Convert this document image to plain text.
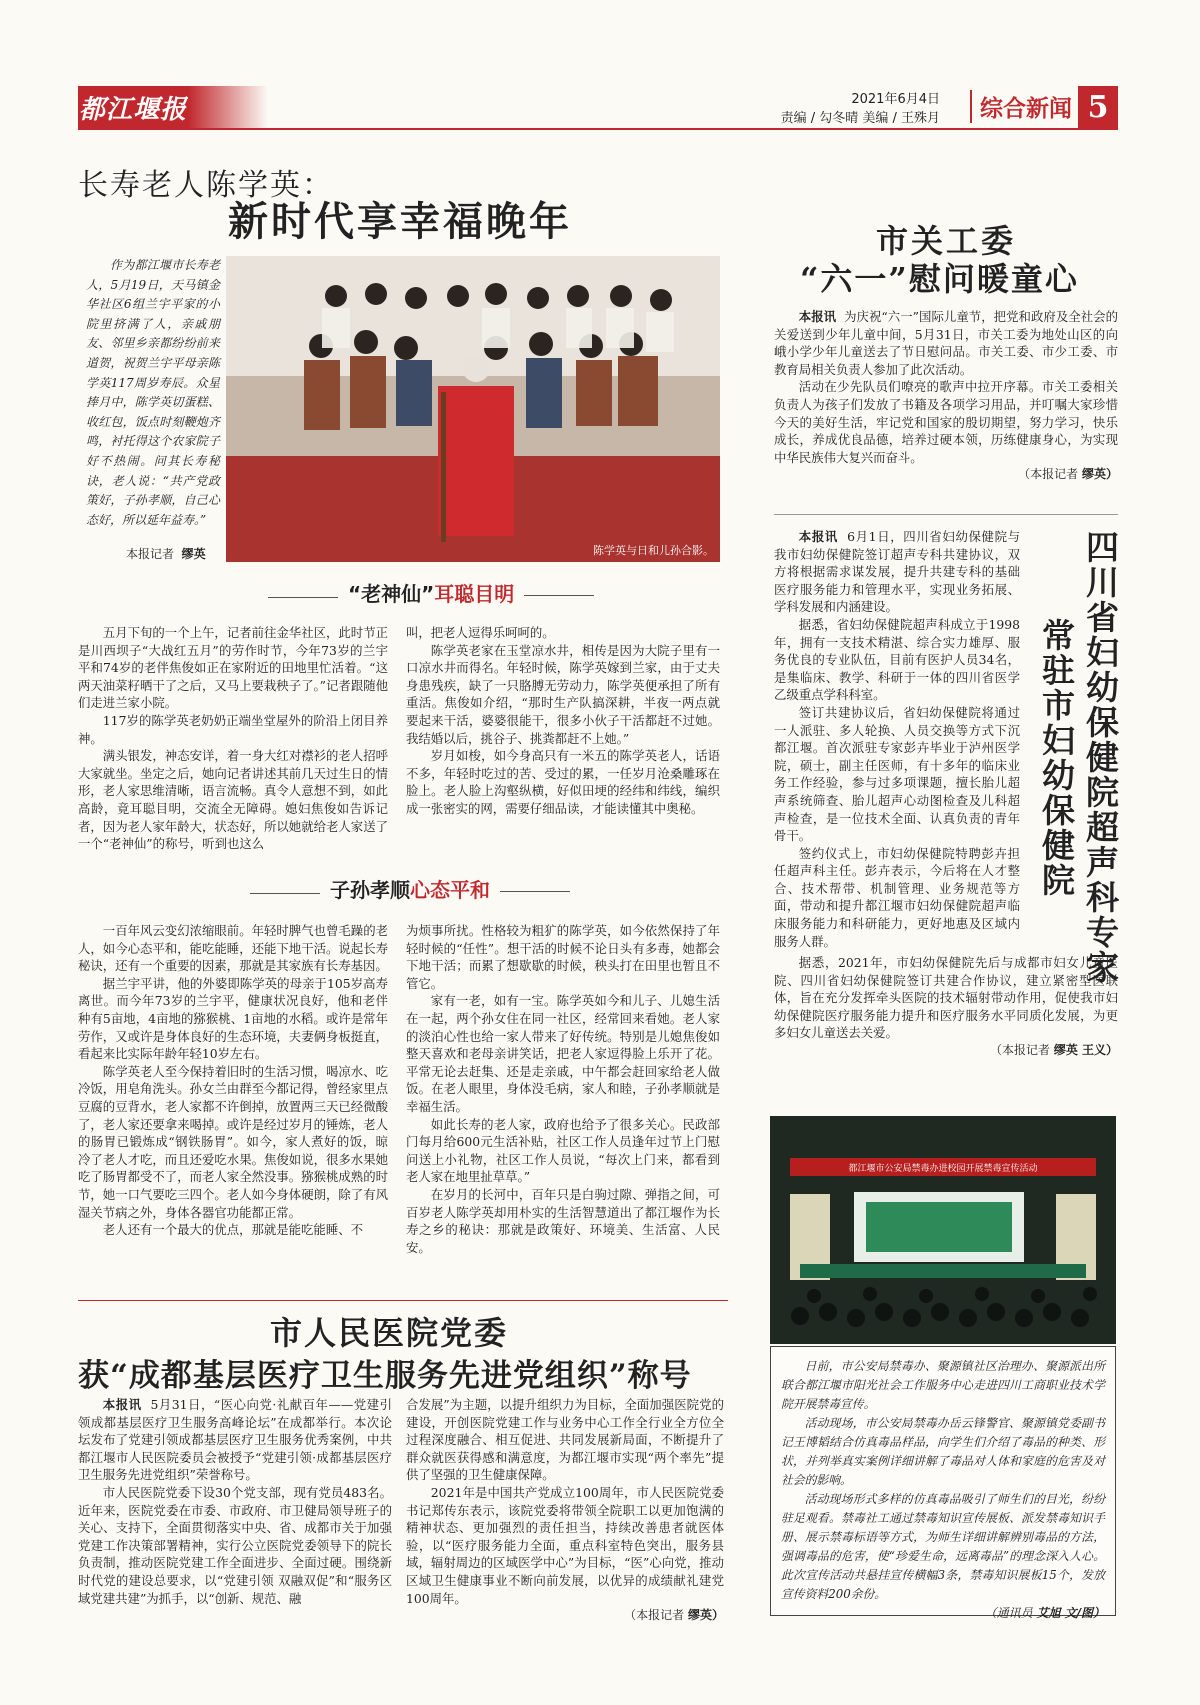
都江堰报	2021年6月4日
责编 / 勾冬晴 美编 / 王殊月	综合新闻 5
长寿老人陈学英：
新时代享幸福晚年

作为都江堰市长寿老人，5月19日，天马镇金华社区6组兰宇平家的小院里挤满了人，亲戚朋友、邻里乡亲都纷纷前来道贺，祝贺兰宇平母亲陈学英117周岁寿辰。众星捧月中，陈学英切蛋糕、收红包，饭点时刻鞭炮齐鸣，衬托得这个农家院子好不热闹。问其长寿秘诀，老人说：“共产党政策好，子孙孝顺，自己心态好，所以延年益寿。”

本报记者 缪英	陈学英与日和儿孙合影。
“老神仙” 耳聪目明

五月下旬的一个上午，记者前往金华社区，此时节正是川西坝子“大战红五月”的劳作时节，今年73岁的兰宇平和74岁的老伴焦俊如正在家附近的田地里忙活着。“这两天油菜籽晒干了之后，又马上要栽秧子了。”记者跟随他们走进兰家小院。

117岁的陈学英老奶奶正端坐堂屋外的阶沿上闭目养神。

满头银发，神态安详，着一身大红对襟衫的老人招呼大家就坐。坐定之后，她向记者讲述其前几天过生日的情形，老人家思维清晰，语言流畅。真令人意想不到，如此高龄，竟耳聪目明，交流全无障碍。媳妇焦俊如告诉记者，因为老人家年龄大，状态好，所以她就给老人家送了一个“老神仙”的称号，听到也这么

叫，把老人逗得乐呵呵的。

陈学英老家在玉堂凉水井，相传是因为大院子里有一口凉水井而得名。年轻时候，陈学英嫁到兰家，由于丈夫身患残疾，缺了一只胳膊无劳动力，陈学英便承担了所有重活。焦俊如介绍，“那时生产队搞深耕，半夜一两点就要起来干活，婆婆很能干，很多小伙子干活都赶不过她。我结婚以后，挑谷子、挑粪都赶不上她。”

岁月如梭，如今身高只有一米五的陈学英老人，话语不多，年轻时吃过的苦、受过的累，一任岁月沧桑雕琢在脸上。老人脸上沟壑纵横，好似田埂的经纬和纬线，编织成一张密实的网，需要仔细品读，才能读懂其中奥秘。

子孙孝顺 心态平和

一百年风云变幻浓缩眼前。年轻时脾气也曾毛躁的老人，如今心态平和，能吃能睡，还能下地干活。说起长寿秘诀，还有一个重要的因素，那就是其家族有长寿基因。

据兰宇平讲，他的外婆即陈学英的母亲于105岁高寿离世。而今年73岁的兰宇平，健康状况良好，他和老伴种有5亩地，4亩地的猕猴桃、1亩地的水稻。或许是常年劳作，又或许是身体良好的生态环境，夫妻俩身板挺直，看起来比实际年龄年轻10岁左右。

陈学英老人至今保持着旧时的生活习惯，喝凉水、吃冷饭，用皂角洗头。孙女兰由群至今都记得，曾经家里点豆腐的豆背水，老人家都不许倒掉，放置两三天已经微酸了，老人家还要拿来喝掉。或许是经过岁月的锤炼，老人的肠胃已锻炼成“钢铁肠胃”。如今，家人煮好的饭，晾冷了老人才吃，而且还爱吃水果。焦俊如说，很多水果她吃了肠胃都受不了，而老人家全然没事。猕猴桃成熟的时节，她一口气要吃三四个。老人如今身体硬朗，除了有风湿关节病之外，身体各器官功能都正常。

老人还有一个最大的优点，那就是能吃能睡、不

为烦事所扰。性格较为粗犷的陈学英，如今依然保持了年轻时候的“任性”。想干活的时候不论日头有多毒，她都会下地干活；而累了想歇歇的时候，秧头打在田里也暂且不管它。

家有一老，如有一宝。陈学英如今和儿子、儿媳生活在一起，两个孙女住在同一社区，经常回来看她。老人家的淡泊心性也给一家人带来了好传统。特别是儿媳焦俊如整天喜欢和老母亲讲笑话，把老人家逗得脸上乐开了花。平常无论去赶集、还是走亲戚，中午都会赶回家给老人做饭。在老人眼里，身体没毛病，家人和睦，子孙孝顺就是幸福生活。

如此长寿的老人家，政府也给予了很多关心。民政部门每月给600元生活补贴，社区工作人员逢年过节上门慰问送上小礼物，社区工作人员说，“每次上门来，都看到老人家在地里扯草草。”

在岁月的长河中，百年只是白驹过隙、弹指之间，可百岁老人陈学英却用朴实的生活智慧道出了都江堰作为长寿之乡的秘诀：那就是政策好、环境美、生活富、人民安。

市关工委
“六一”慰问暖童心

本报讯 为庆祝“六一”国际儿童节，把党和政府及全社会的关爱送到少年儿童中间，5月31日，市关工委为地处山区的向峨小学少年儿童送去了节日慰问品。市关工委、市少工委、市教育局相关负责人参加了此次活动。

活动在少先队员们嘹亮的歌声中拉开序幕。市关工委相关负责人为孩子们发放了书籍及各项学习用品，并叮嘱大家珍惜今天的美好生活，牢记党和国家的殷切期望，努力学习，快乐成长，养成优良品德，培养过硬本领，历练健康身心，为实现中华民族伟大复兴而奋斗。

（本报记者 缪英）

本报讯 6月1日，四川省妇幼保健院与我市妇幼保健院签订超声专科共建协议，双方将根据需求谋发展，提升共建专科的基础医疗服务能力和管理水平，实现业务拓展、学科发展和内涵建设。

据悉，省妇幼保健院超声科成立于1998年，拥有一支技术精湛、综合实力雄厚、服务优良的专业队伍，目前有医护人员34名，是集临床、教学、科研于一体的四川省医学乙级重点学科科室。

签订共建协议后，省妇幼保健院将通过一人派驻、多人轮换、人员交换等方式下沉都江堰。首次派驻专家彭卉毕业于泸州医学院，硕士，副主任医师，有十多年的临床业务工作经验，参与过多项课题，擅长胎儿超声系统筛查、胎儿超声心动图检查及儿科超声检查，是一位技术全面、认真负责的青年骨干。

签约仪式上，市妇幼保健院特聘彭卉担任超声科主任。彭卉表示，今后将在人才整合、技术帮带、机制管理、业务规范等方面，带动和提升都江堰市妇幼保健院超声临床服务能力和科研能力，更好地惠及区域内服务人群。	四川省妇幼保健院超声科专家
常驻市妇幼保健院

据悉，2021年，市妇幼保健院先后与成都市妇女儿童医院、四川省妇幼保健院签订共建合作协议，建立紧密型医联体，旨在充分发挥牵头医院的技术辐射带动作用，促使我市妇幼保健院医疗服务能力提升和医疗服务水平同质化发展，为更多妇女儿童送去关爱。

（本报记者 缪英 王义）
都江堰市公安局禁毒办进校园开展禁毒宣传活动

日前，市公安局禁毒办、聚源镇社区治理办、聚源派出所联合都江堰市阳光社会工作服务中心走进四川工商职业技术学院开展禁毒宣传。

活动现场，市公安局禁毒办岳云锋警官、聚源镇党委副书记王博韬结合仿真毒品样品，向学生们介绍了毒品的种类、形状，并列举真实案例详细讲解了毒品对人体和家庭的危害及对社会的影响。

活动现场形式多样的仿真毒品吸引了师生们的目光，纷纷驻足观看。禁毒社工通过禁毒知识宣传展板、派发禁毒知识手册、展示禁毒标语等方式，为师生详细讲解辨别毒品的方法，强调毒品的危害，使“珍爱生命，远离毒品”的理念深入人心。此次宣传活动共悬挂宣传横幅3条，禁毒知识展板15个，发放宣传资料200余份。

（通讯员 艾旭 文/图）
市人民医院党委
获“成都基层医疗卫生服务先进党组织”称号

本报讯 5月31日，“医心向党·礼献百年——党建引领成都基层医疗卫生服务高峰论坛”在成都举行。本次论坛发布了党建引领成都基层医疗卫生服务优秀案例，中共都江堰市人民医院委员会被授予“党建引领·成都基层医疗卫生服务先进党组织”荣誉称号。

市人民医院党委下设30个党支部，现有党员483名。近年来，医院党委在市委、市政府、市卫健局领导班子的关心、支持下，全面贯彻落实中央、省、成都市关于加强党建工作决策部署精神，实行公立医院党委领导下的院长负责制，推动医院党建工作全面进步、全面过硬。围绕新时代党的建设总要求，以“党建引领 双融双促”和“服务区域党建共建”为抓手，以“创新、规范、融

合发展”为主题，以提升组织力为目标，全面加强医院党的建设，开创医院党建工作与业务中心工作全行业全方位全过程深度融合、相互促进、共同发展新局面，不断提升了群众就医获得感和满意度，为都江堰市实现“两个率先”提供了坚强的卫生健康保障。

2021年是中国共产党成立100周年，市人民医院党委书记郑传东表示，该院党委将带领全院职工以更加饱满的精神状态、更加强烈的责任担当，持续改善患者就医体验，以“医疗服务能力全面，重点科室特色突出，服务县域，辐射周边的区域医学中心”为目标，“医”心向党，推动区域卫生健康事业不断向前发展，以优异的成绩献礼建党100周年。

（本报记者 缪英）
